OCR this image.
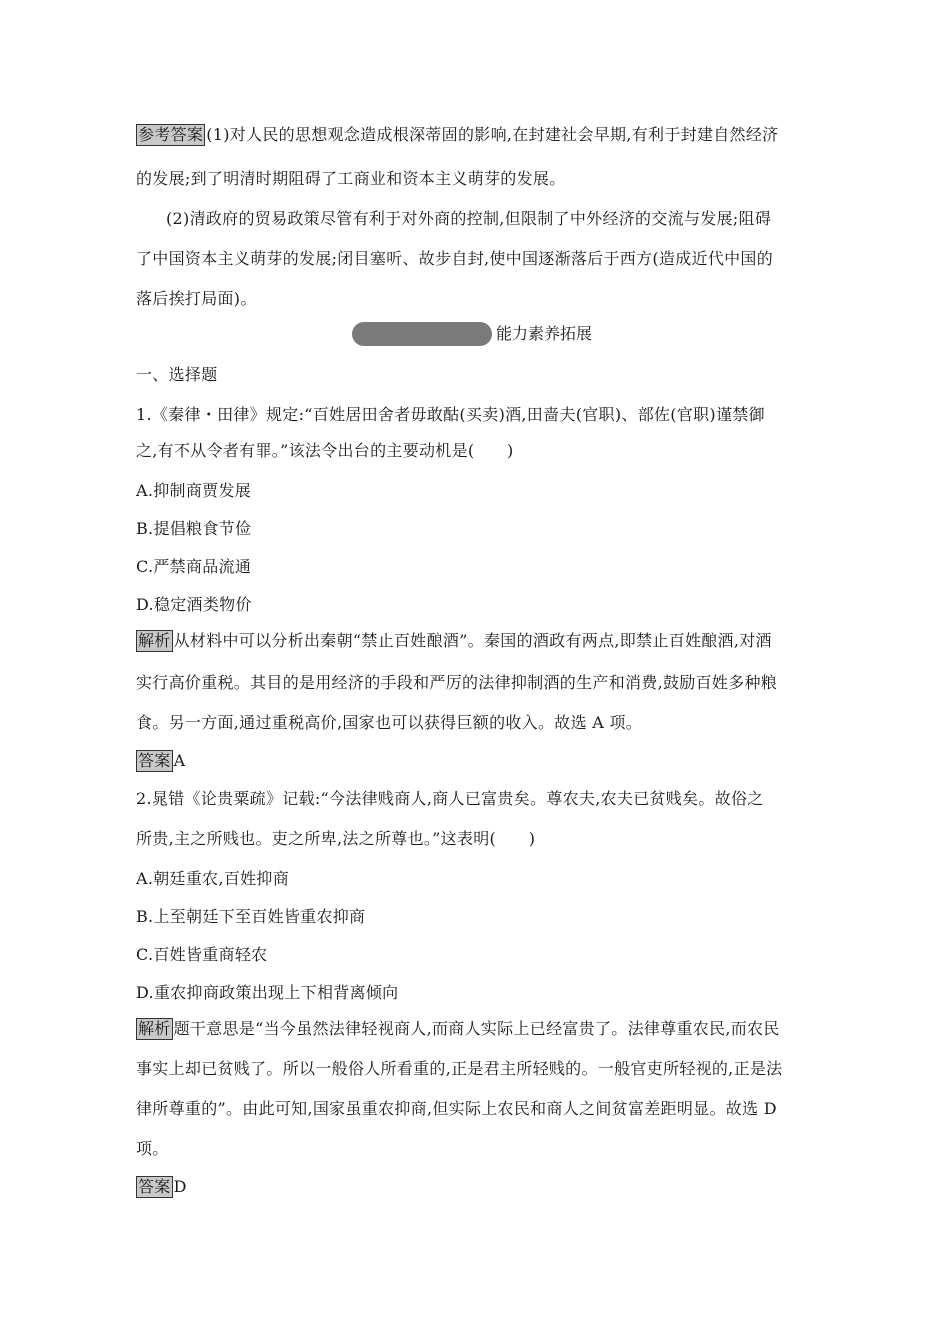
参考答案 (1)对人民的思想观念造成根深蒂固的影响,在封建社会早期,有利于封建自然经济
的发展;到了明清时期阻碍了工商业和资本主义萌芽的发展。
(2)清政府的贸易政策尽管有利于对外商的控制,但限制了中外经济的交流与发展;阻碍
了中国资本主义萌芽的发展;闭目塞听、故步自封,使中国逐渐落后于西方(造成近代中国的
落后挨打局面)。
能力素养拓展
一、选择题
1.《秦律・田律》规定:“百姓居田舍者毋敢酤(买卖)酒,田啬夫(官职)、部佐(官职)谨禁御
之,有不从令者有罪。”该法令出台的主要动机是(　　)
A.抑制商贾发展
B.提倡粮食节俭
C.严禁商品流通
D.稳定酒类物价
解析 从材料中可以分析出秦朝“禁止百姓酿酒”。秦国的酒政有两点,即禁止百姓酿酒,对酒
实行高价重税。其目的是用经济的手段和严厉的法律抑制酒的生产和消费,鼓励百姓多种粮
食。另一方面,通过重税高价,国家也可以获得巨额的收入。故选 A 项。
答案 A
2.晁错《论贵粟疏》记载:“今法律贱商人,商人已富贵矣。尊农夫,农夫已贫贱矣。故俗之
所贵,主之所贱也。吏之所卑,法之所尊也。”这表明(　　)
A.朝廷重农,百姓抑商
B.上至朝廷下至百姓皆重农抑商
C.百姓皆重商轻农
D.重农抑商政策出现上下相背离倾向
解析 题干意思是“当今虽然法律轻视商人,而商人实际上已经富贵了。法律尊重农民,而农民
事实上却已贫贱了。所以一般俗人所看重的,正是君主所轻贱的。一般官吏所轻视的,正是法
律所尊重的”。由此可知,国家虽重农抑商,但实际上农民和商人之间贫富差距明显。故选 D
项。
答案 D
